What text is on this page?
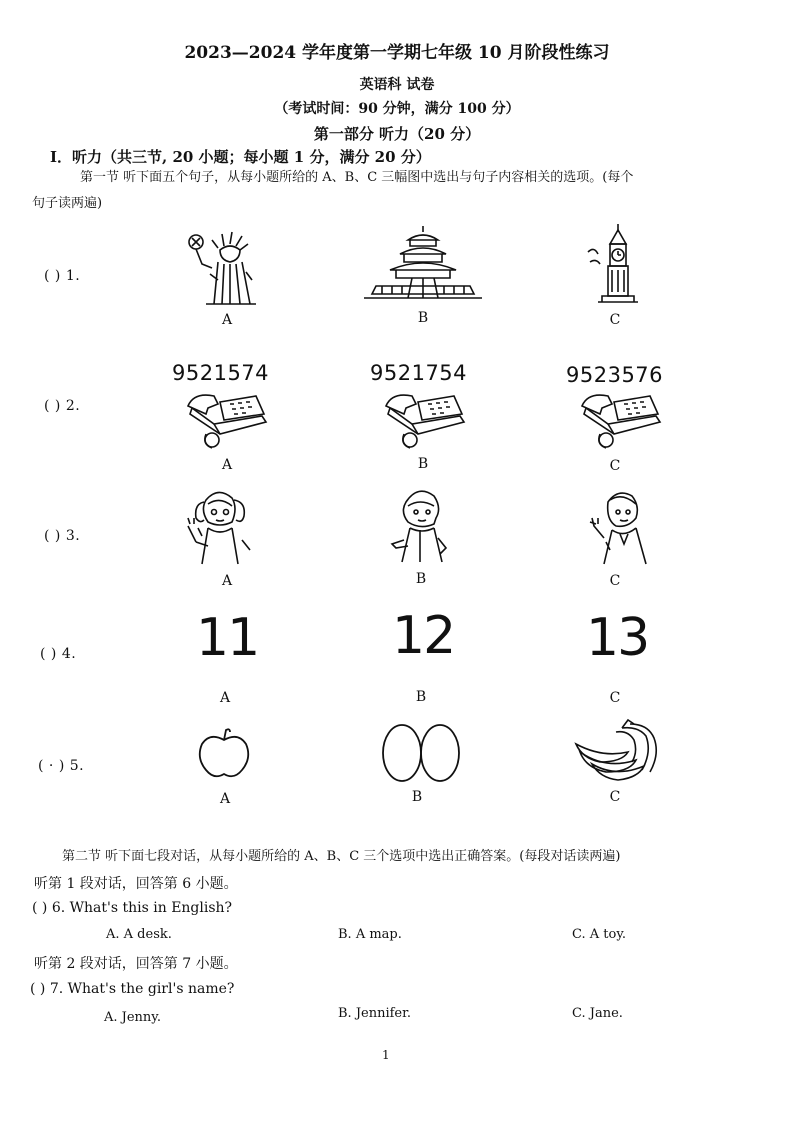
2023—2024 学年度第一学期七年级 10 月阶段性练习
英语科 试卷
（考试时间：90 分钟，满分 100 分）
第一部分 听力（20 分）
Ⅰ．听力（共三节, 20 小题；每小题 1 分，满分 20 分）
第一节 听下面五个句子，从每小题所给的 A、B、C 三幅图中选出与句子内容相关的选项。(每个
句子读两遍)
( ) 1.
A	B	C
( ) 2.
9521574	9521754	9523576
A	B	C
( ) 3.
A	B	C
( ) 4. 11	12	13
A	B	C
( · ) 5.
A	B	C
第二节 听下面七段对话，从每小题所给的 A、B、C 三个选项中选出正确答案。(每段对话读两遍)
听第 1 段对话，回答第 6 小题。
( ) 6. What's this in English?
A. A desk.	B. A map.	C. A toy.
听第 2 段对话，回答第 7 小题。
( ) 7. What's the girl's name?
A. Jenny.	B. Jennifer.	C. Jane.
1
